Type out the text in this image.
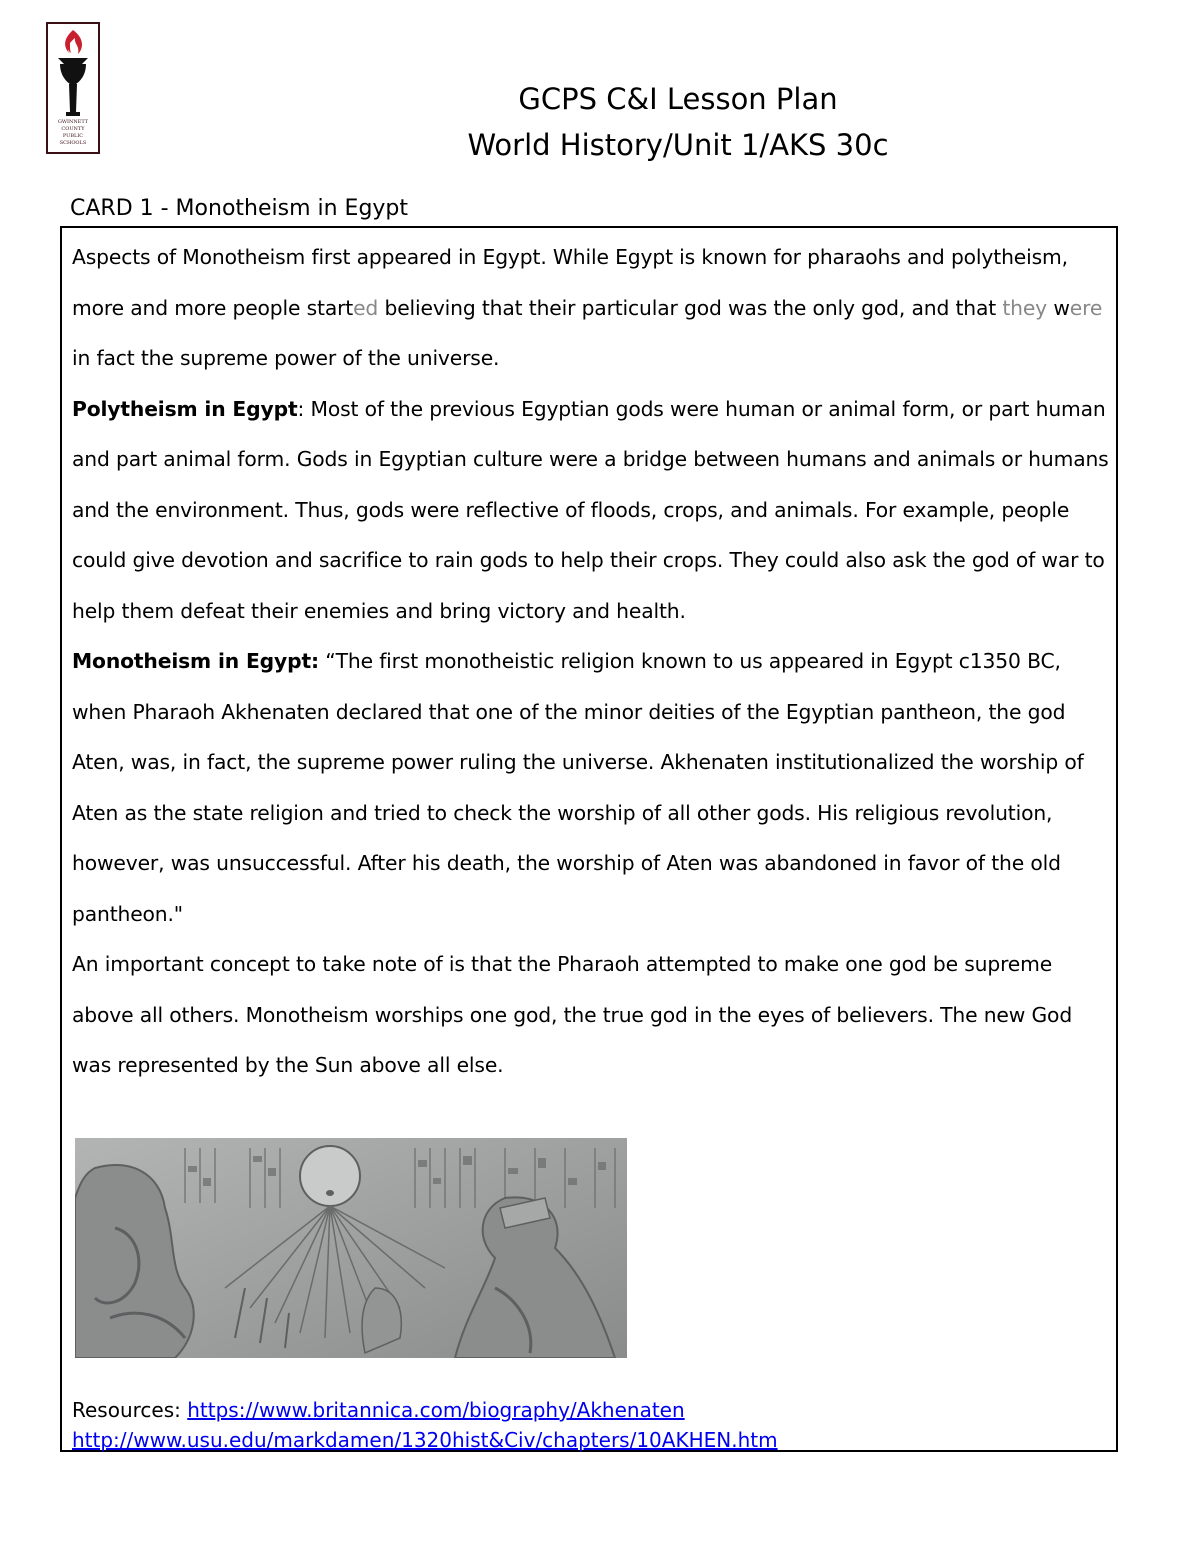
GWINNETT
COUNTY
PUBLIC
SCHOOLS
GCPS C&I Lesson Plan
World History/Unit 1/AKS 30c
CARD 1 - Monotheism in Egypt

Aspects of Monotheism first appeared in Egypt. While Egypt is known for pharaohs and polytheism, more and more people started believing that their particular god was the only god, and that they were in fact the supreme power of the universe.

Polytheism in Egypt: Most of the previous Egyptian gods were human or animal form, or part human and part animal form. Gods in Egyptian culture were a bridge between humans and animals or humans and the environment. Thus, gods were reflective of floods, crops, and animals. For example, people could give devotion and sacrifice to rain gods to help their crops. They could also ask the god of war to help them defeat their enemies and bring victory and health.

Monotheism in Egypt: “The first monotheistic religion known to us appeared in Egypt c1350 BC, when Pharaoh Akhenaten declared that one of the minor deities of the Egyptian pantheon, the god Aten, was, in fact, the supreme power ruling the universe. Akhenaten institutionalized the worship of Aten as the state religion and tried to check the worship of all other gods. His religious revolution, however, was unsuccessful. After his death, the worship of Aten was abandoned in favor of the old pantheon."

An important concept to take note of is that the Pharaoh attempted to make one god be supreme above all others. Monotheism worships one god, the true god in the eyes of believers. The new God was represented by the Sun above all else.

Resources: https://www.britannica.com/biography/Akhenaten
http://www.usu.edu/markdamen/1320hist&Civ/chapters/10AKHEN.htm
